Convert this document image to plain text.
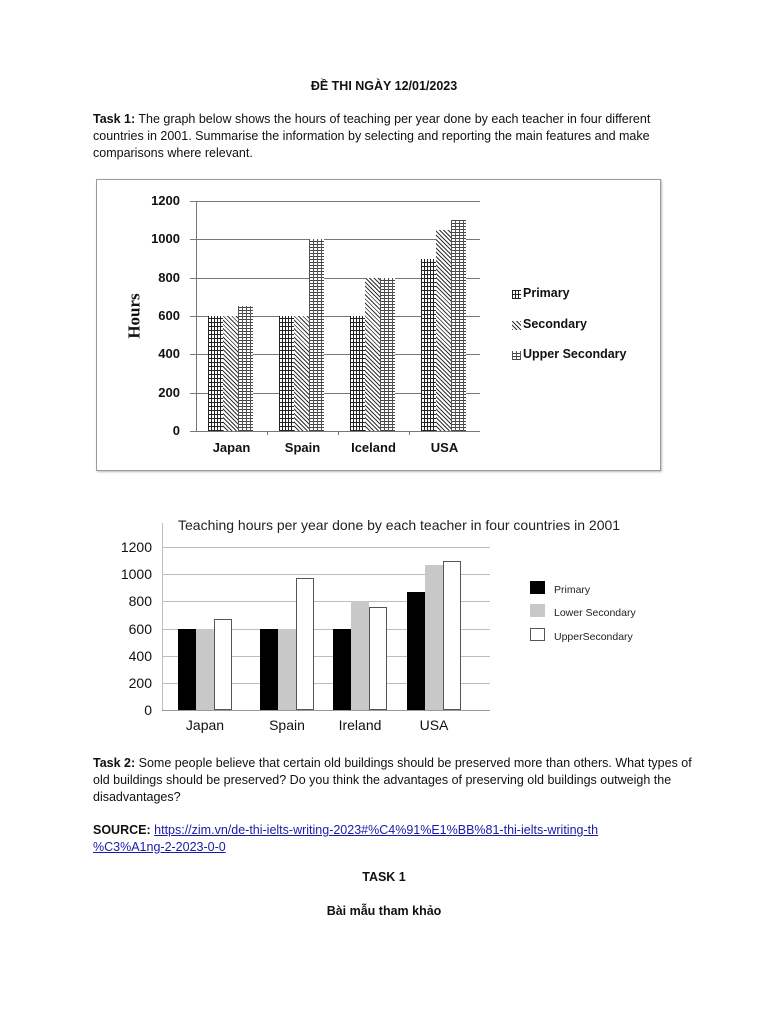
ĐỀ THI NGÀY 12/01/2023
Task 1: The graph below shows the hours of teaching per year done by each teacher in four different countries in 2001. Summarise the information by selecting and reporting the main features and make comparisons where relevant.
0
200
400
600
800
1000
1200
Hours
Japan	Spain	Iceland	USA
Primary
Secondary
Upper Secondary
Teaching hours per year done by each teacher in four countries in 2001
0
200
400
600
800
1000
1200
Japan	Spain	Ireland	USA
Primary
Lower Secondary
UpperSecondary
Task 2: Some people believe that certain old buildings should be preserved more than others. What types of old buildings should be preserved? Do you think the advantages of preserving old buildings outweigh the disadvantages?
SOURCE: https://zim.vn/de-thi-ielts-writing-2023#%C4%91%E1%BB%81-thi-ielts-writing-th
%C3%A1ng-2-2023-0-0
TASK 1
Bài mẫu tham khảo
